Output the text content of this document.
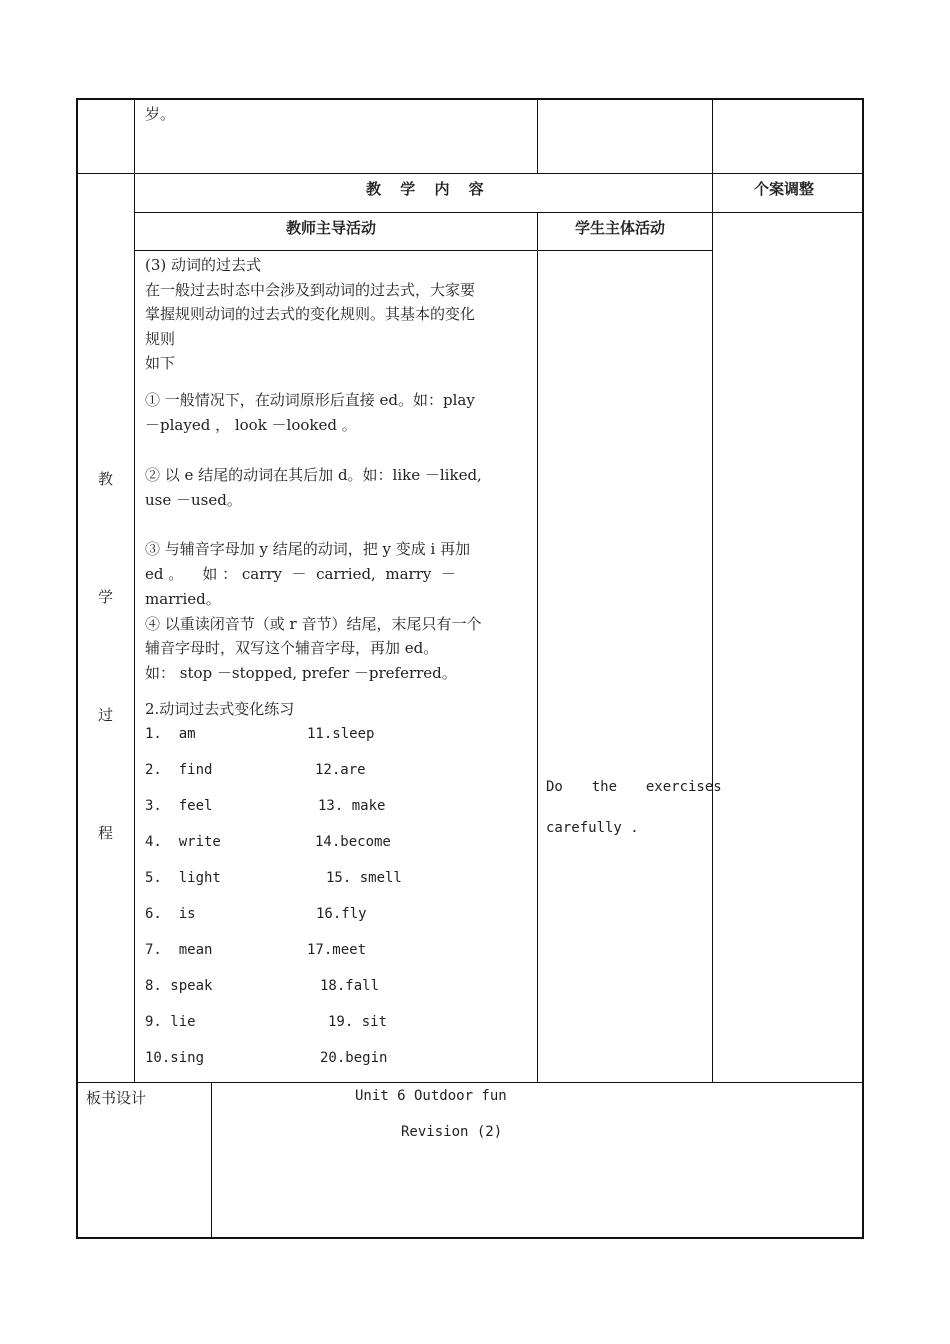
岁。
教 学 内 容	个案调整
教师主导活动	学生主体活动
教
学
过
程
(3) 动词的过去式
在一般过去时态中会涉及到动词的过去式，大家要
掌握规则动词的过去式的变化规则。其基本的变化
规则
如下
① 一般情况下，在动词原形后直接 ed。如：play
－played ， look －looked 。
② 以 e 结尾的动词在其后加 d。如：like －liked,
use －used。
③ 与辅音字母加 y 结尾的动词，把 y 变成 i 再加
ed 。    如 ： carry  －  carried,  marry  －
married。
④ 以重读闭音节（或 r 音节）结尾，末尾只有一个
辅音字母时，双写这个辅音字母，再加 ed。
如： stop －stopped, prefer －preferred。
2.动词过去式变化练习
1.  am	11.sleep
2.  find	12.are
3.  feel	13. make
4.  write	14.become
5.  light	15. smell
6.  is	16.fly
7.  mean	17.meet
8. speak	18.fall
9. lie	19. sit
10.sing	20.begin
Do  the  exercises
carefully .
板书设计	Unit 6 Outdoor fun
Revision (2)
